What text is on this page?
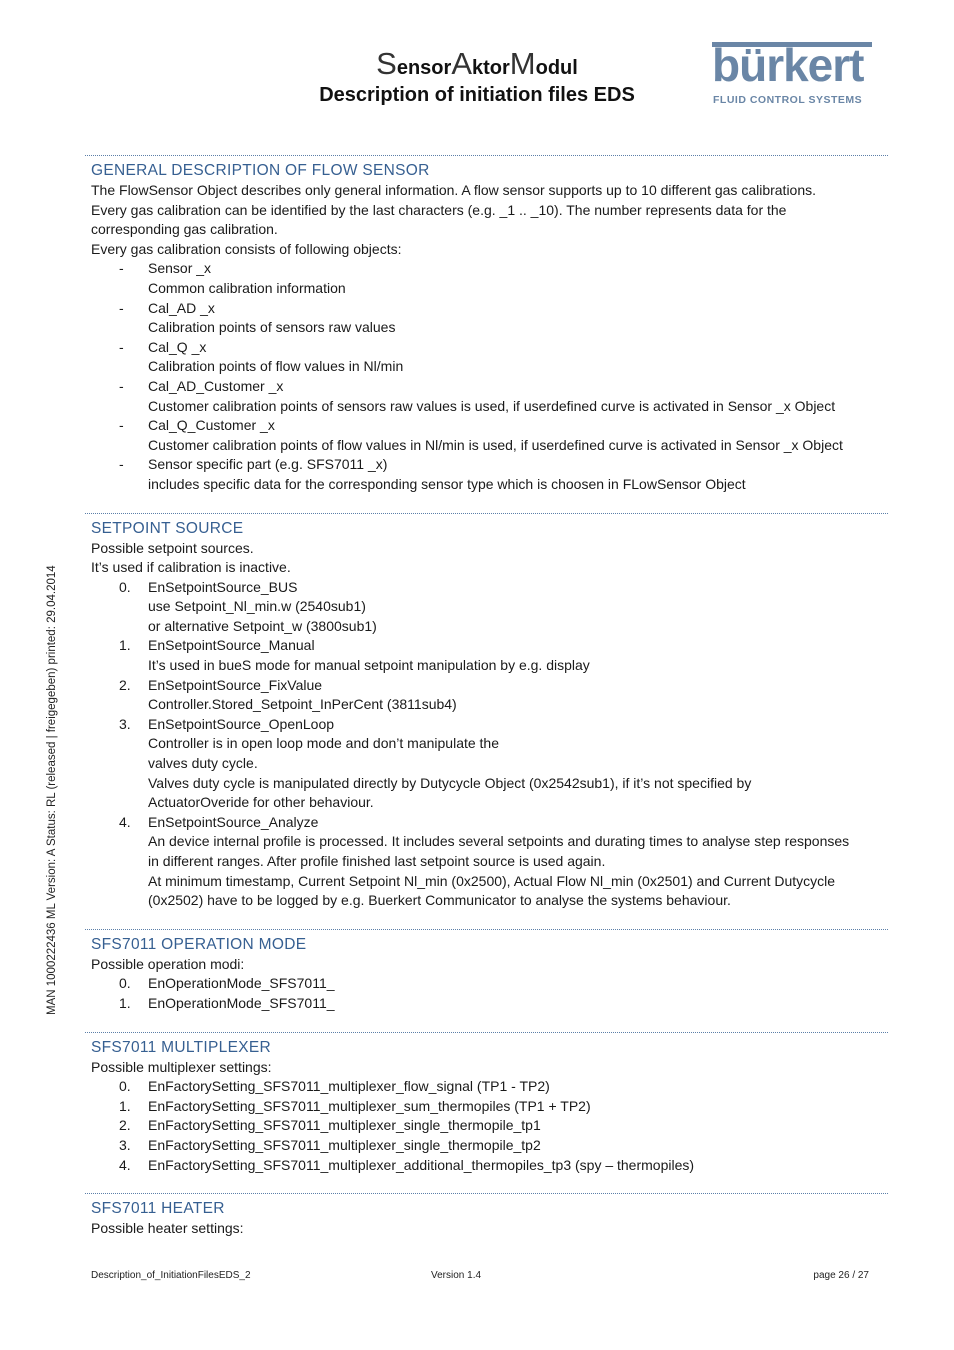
SensorAktorModul
Description of initiation files EDS
bürkert
FLUID CONTROL SYSTEMS
MAN 1000222436 ML Version: A Status: RL (released | freigegeben) printed: 29.04.2014
GENERAL DESCRIPTION OF FLOW SENSOR
The FlowSensor Object describes only general information. A flow sensor supports up to 10 different gas calibrations.
Every gas calibration can be identified by the last characters (e.g. _1 .. _10). The number represents data for the
corresponding gas calibration.
Every gas calibration consists of following objects:
-	Sensor _x
Common calibration information
-	Cal_AD _x
Calibration points of sensors raw values
-	Cal_Q _x
Calibration points of flow values in Nl/min
-	Cal_AD_Customer _x
Customer calibration points of sensors raw values is used, if userdefined curve is activated in Sensor _x Object
-	Cal_Q_Customer _x
Customer calibration points of flow values in Nl/min is used, if userdefined curve is activated in Sensor _x Object
-	Sensor specific part (e.g. SFS7011 _x)
includes specific data for the corresponding sensor type which is choosen in FLowSensor Object
SETPOINT SOURCE
Possible setpoint sources.
It’s used if calibration is inactive.
0.	EnSetpointSource_BUS
use Setpoint_Nl_min.w (2540sub1)
or alternative Setpoint_w (3800sub1)
1.	EnSetpointSource_Manual
It’s used in bueS mode for manual setpoint manipulation by e.g. display
2.	EnSetpointSource_FixValue
Controller.Stored_Setpoint_InPerCent (3811sub4)
3.	EnSetpointSource_OpenLoop
Controller is in open loop mode and don’t manipulate the
valves duty cycle.
Valves duty cycle is manipulated directly by Dutycycle Object (0x2542sub1), if it’s not specified by
ActuatorOveride for other behaviour.
4.	EnSetpointSource_Analyze
An device internal profile is processed. It includes several setpoints and durating times to analyse step responses
in different ranges. After profile finished last setpoint source is used again.
At minimum timestamp, Current Setpoint Nl_min (0x2500), Actual Flow Nl_min (0x2501) and Current Dutycycle
(0x2502) have to be logged by e.g. Buerkert Communicator to analyse the systems behaviour.
SFS7011 OPERATION MODE
Possible operation modi:
0.	EnOperationMode_SFS7011_
1.	EnOperationMode_SFS7011_
SFS7011 MULTIPLEXER
Possible multiplexer settings:
0.	EnFactorySetting_SFS7011_multiplexer_flow_signal (TP1 - TP2)
1.	EnFactorySetting_SFS7011_multiplexer_sum_thermopiles (TP1 + TP2)
2.	EnFactorySetting_SFS7011_multiplexer_single_thermopile_tp1
3.	EnFactorySetting_SFS7011_multiplexer_single_thermopile_tp2
4.	EnFactorySetting_SFS7011_multiplexer_additional_thermopiles_tp3 (spy – thermopiles)
SFS7011 HEATER
Possible heater settings:
Description_of_InitiationFilesEDS_2	Version 1.4	page 26 / 27
